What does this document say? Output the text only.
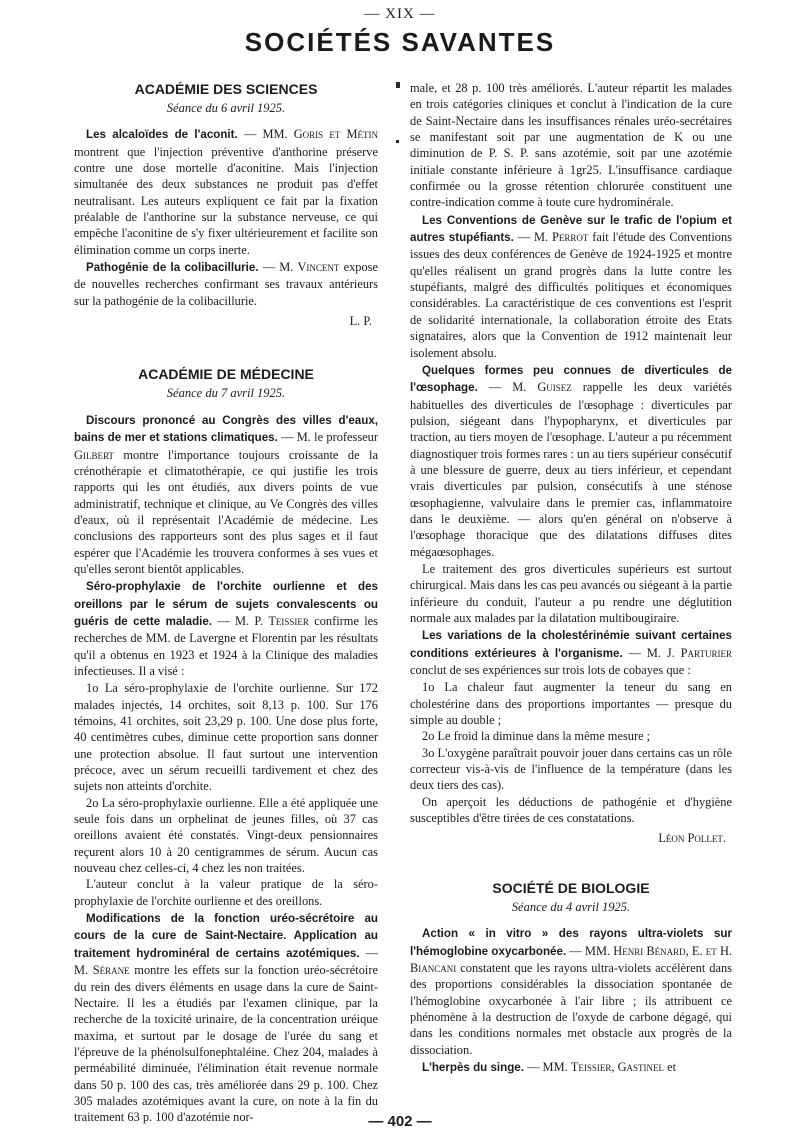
— XIX —
SOCIÉTÉS SAVANTES
ACADÉMIE DES SCIENCES
Séance du 6 avril 1925.

Les alcaloïdes de l'aconit. — MM. Goris et Métin montrent que l'injection préventive d'anthorine préserve contre une dose mortelle d'aconitine. Mais l'injection simultanée des deux substances ne produit pas d'effet neutralisant. Les auteurs expliquent ce fait par la fixation préalable de l'anthorine sur la substance nerveuse, ce qui empêche l'aconitine de s'y fixer ultérieurement et facilite son élimination comme un corps inerte.

Pathogénie de la colibacillurie. — M. Vincent expose de nouvelles recherches confirmant ses travaux antérieurs sur la pathogénie de la colibacillurie.

L. P.
ACADÉMIE DE MÉDECINE
Séance du 7 avril 1925.

Discours prononcé au Congrès des villes d'eaux, bains de mer et stations climatiques. — M. le professeur Gilbert montre l'importance toujours croissante de la crénothérapie et climatothérapie, ce qui justifie les trois rapports qui les ont étudiés, aux divers points de vue administratif, technique et clinique, au Ve Congrès des villes d'eaux, où il représentait l'Académie de médecine. Les conclusions des rapporteurs sont des plus sages et il faut espérer que l'Académie les trouvera conformes à ses vues et qu'elles seront bientôt applicables.

Séro-prophylaxie de l'orchite ourlienne et des oreillons par le sérum de sujets convalescents ou guéris de cette maladie. — M. P. Teissier confirme les recherches de MM. de Lavergne et Florentin par les résultats qu'il a obtenus en 1923 et 1924 à la Clinique des maladies infectieuses. Il a visé :

1o La séro-prophylaxie de l'orchite ourlienne. Sur 172 malades injectés, 14 orchites, soit 8,13 p. 100. Sur 176 témoins, 41 orchites, soit 23,29 p. 100. Une dose plus forte, 40 centimètres cubes, diminue cette proportion sans donner une protection absolue. Il faut surtout une intervention précoce, avec un sérum recueilli tardivement et chez des sujets non atteints d'orchite.

2o La séro-prophylaxie ourlienne. Elle a été appliquée une seule fois dans un orphelinat de jeunes filles, où 37 cas oreillons avaient été constatés. Vingt-deux pensionnaires reçurent alors 10 à 20 centigrammes de sérum. Aucun cas nouveau chez celles-ci, 4 chez les non traitées.

L'auteur conclut à la valeur pratique de la séro-prophylaxie de l'orchite ourlienne et des oreillons.

Modifications de la fonction uréo-sécrétoire au cours de la cure de Saint-Nectaire. Application au traitement hydrominéral de certains azotémiques. — M. Sérane montre les effets sur la fonction uréo-sécrétoire du rein des divers éléments en usage dans la cure de Saint-Nectaire. Il les a étudiés par l'examen clinique, par la recherche de la toxicité urinaire, de la concentration uréique maxima, et surtout par le dosage de l'urée du sang et l'épreuve de la phénolsulfonephtaléine. Chez 204, malades à perméabilité diminuée, l'élimination était revenue normale dans 50 p. 100 des cas, très améliorée dans 29 p. 100. Chez 305 malades azotémiques avant la cure, on note à la fin du traitement 63 p. 100 d'azotémie nor-

male, et 28 p. 100 très améliorés. L'auteur répartit les malades en trois catégories cliniques et conclut à l'indication de la cure de Saint-Nectaire dans les insuffisances rénales uréo-secrétaires se manifestant soit par une augmentation de K ou une diminution de P. S. P. sans azotémie, soit par une azotémie initiale constante inférieure à 1gr25. L'insuffisance cardiaque confirmée ou la grosse rétention chlorurée constituent une contre-indication comme à toute cure hydrominérale.

Les Conventions de Genève sur le trafic de l'opium et autres stupéfiants. — M. Perrot fait l'étude des Conventions issues des deux conférences de Genève de 1924-1925 et montre qu'elles réalisent un grand progrès dans la lutte contre les stupéfiants, malgré des difficultés politiques et économiques considérables. La caractéristique de ces conventions est l'esprit de solidarité internationale, la collaboration étroite des Etats signataires, alors que la Convention de 1912 maintenait leur isolement absolu.

Quelques formes peu connues de diverticules de l'œsophage. — M. Guisez rappelle les deux variétés habituelles des diverticules de l'œsophage : diverticules par pulsion, siégeant dans l'hypopharynx, et diverticules par traction, au tiers moyen de l'œsophage. L'auteur a pu récemment diagnostiquer trois formes rares : un au tiers supérieur consécutif à une blessure de guerre, deux au tiers inférieur, et cependant vrais diverticules par pulsion, consécutifs à une sténose œsophagienne, valvulaire dans le premier cas, inflammatoire dans le deuxième. — alors qu'en général on n'observe à l'œsophage thoracique que des dilatations diffuses dites mégaœsophages.

Le traitement des gros diverticules supérieurs est surtout chirurgical. Mais dans les cas peu avancés ou siégeant à la partie inférieure du conduit, l'auteur a pu rendre une déglutition normale aux malades par la dilatation multibougiraire.

Les variations de la cholestérinémie suivant certaines conditions extérieures à l'organisme. — M. J. Parturier conclut de ses expériences sur trois lots de cobayes que :

1o La chaleur faut augmenter la teneur du sang en cholestérine dans des proportions importantes — presque du simple au double ;

2o Le froid la diminue dans la même mesure ;

3o L'oxygène paraîtrait pouvoir jouer dans certains cas un rôle correcteur vis-à-vis de l'influence de la température (dans les deux tiers des cas).

On aperçoit les déductions de pathogénie et d'hygiène susceptibles d'être tirées de ces constatations.

Léon Pollet.
SOCIÉTÉ DE BIOLOGIE
Séance du 4 avril 1925.

Action « in vitro » des rayons ultra-violets sur l'hémoglobine oxycarbonée. — MM. Henri Bénard, E. et H. Biancani constatent que les rayons ultra-violets accélèrent dans des proportions considérables la dissociation spontanée de l'hémoglobine oxycarbonée à l'air libre ; ils attribuent ce phénomène à la destruction de l'oxyde de carbone dégagé, qui dans les conditions normales met obstacle aux progrès de la dissociation.

L'herpès du singe. — MM. Teissier, Gastinel et

— 402 —
